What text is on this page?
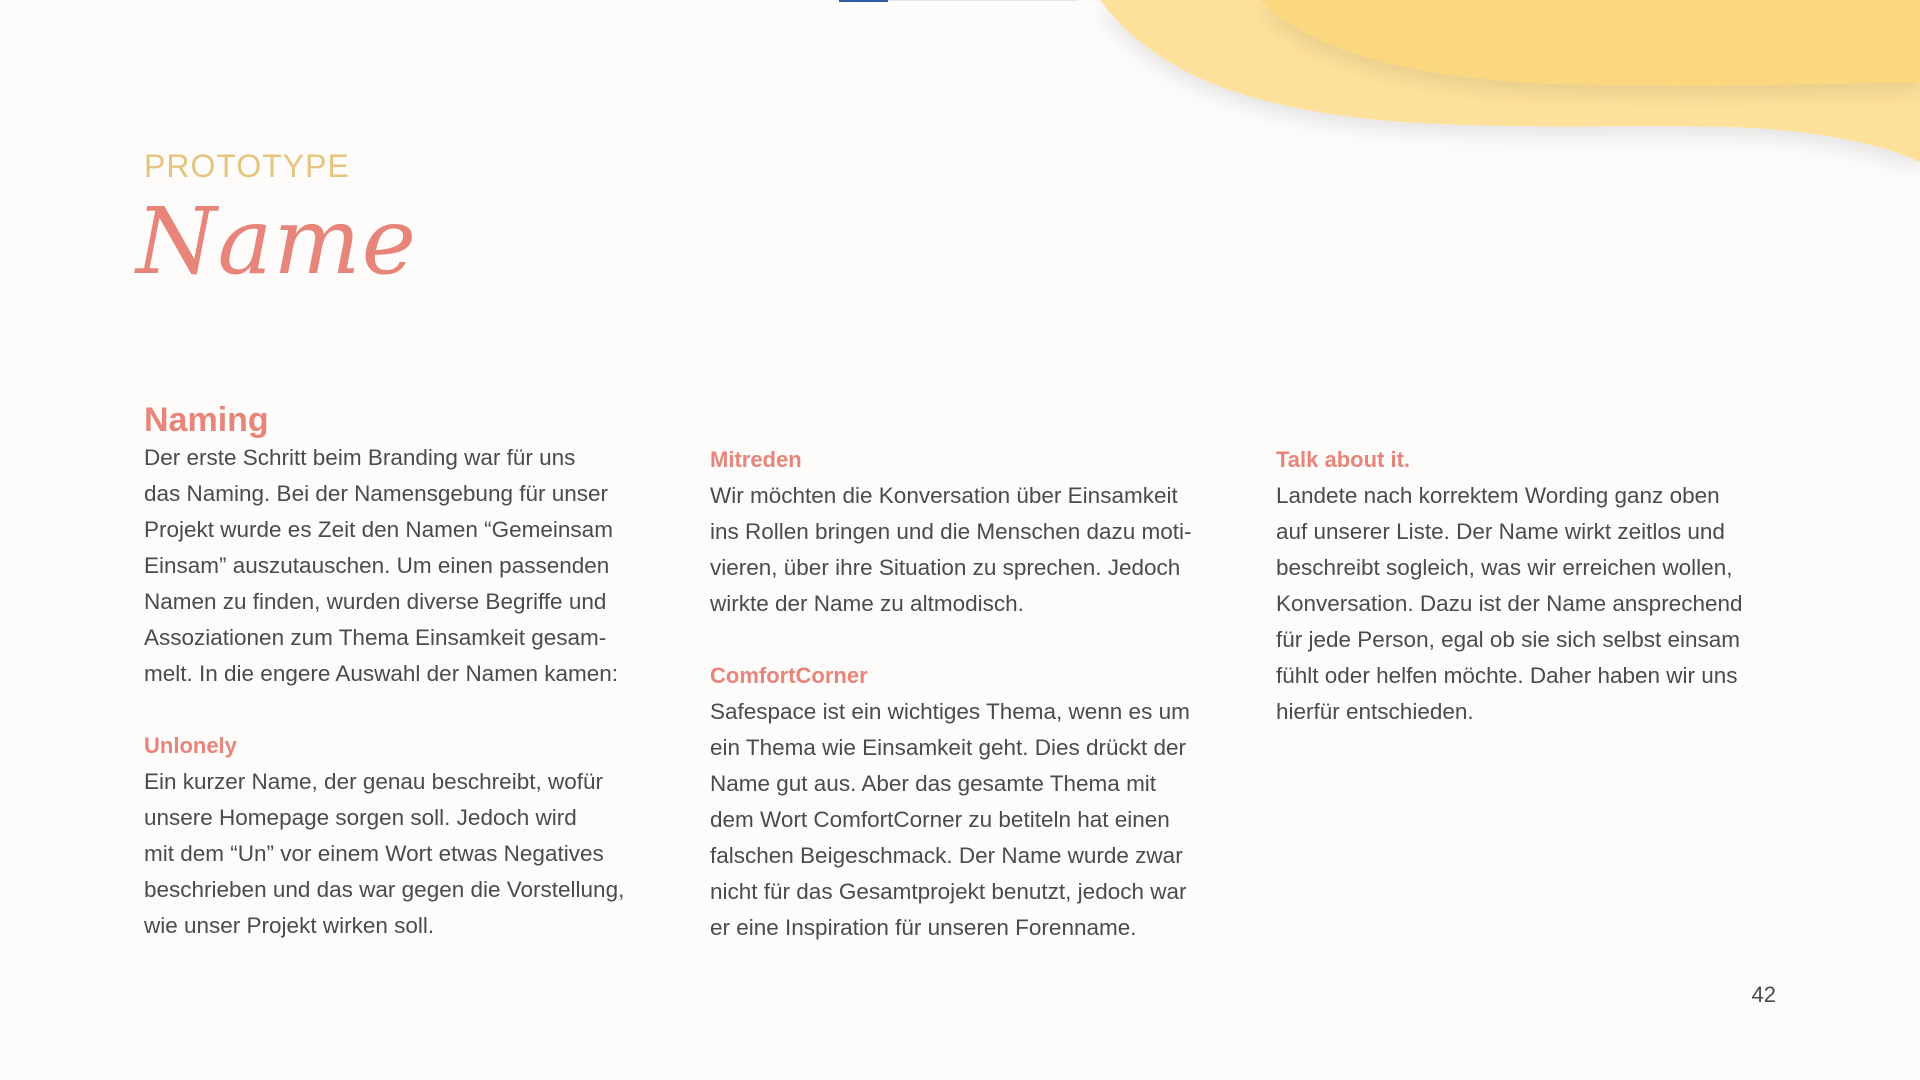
PROTOTYPE
Name
Naming
Der erste Schritt beim Branding war für uns
das Naming. Bei der Namensgebung für unser
Projekt wurde es Zeit den Namen “Gemeinsam
Einsam” auszutauschen. Um einen passenden
Namen zu finden, wurden diverse Begriffe und
Assoziationen zum Thema Einsamkeit gesam-
melt. In die engere Auswahl der Namen kamen:
Unlonely
Ein kurzer Name, der genau beschreibt, wofür
unsere Homepage sorgen soll. Jedoch wird
mit dem “Un” vor einem Wort etwas Negatives
beschrieben und das war gegen die Vorstellung,
wie unser Projekt wirken soll.
Mitreden
Wir möchten die Konversation über Einsamkeit
ins Rollen bringen und die Menschen dazu moti-
vieren, über ihre Situation zu sprechen. Jedoch
wirkte der Name zu altmodisch.
ComfortCorner
Safespace ist ein wichtiges Thema, wenn es um
ein Thema wie Einsamkeit geht. Dies drückt der
Name gut aus. Aber das gesamte Thema mit
dem Wort ComfortCorner zu betiteln hat einen
falschen Beigeschmack. Der Name wurde zwar
nicht für das Gesamtprojekt benutzt, jedoch war
er eine Inspiration für unseren Forenname.
Talk about it.
Landete nach korrektem Wording ganz oben
auf unserer Liste. Der Name wirkt zeitlos und
beschreibt sogleich, was wir erreichen wollen,
Konversation. Dazu ist der Name ansprechend
für jede Person, egal ob sie sich selbst einsam
fühlt oder helfen möchte. Daher haben wir uns
hierfür entschieden.
42
